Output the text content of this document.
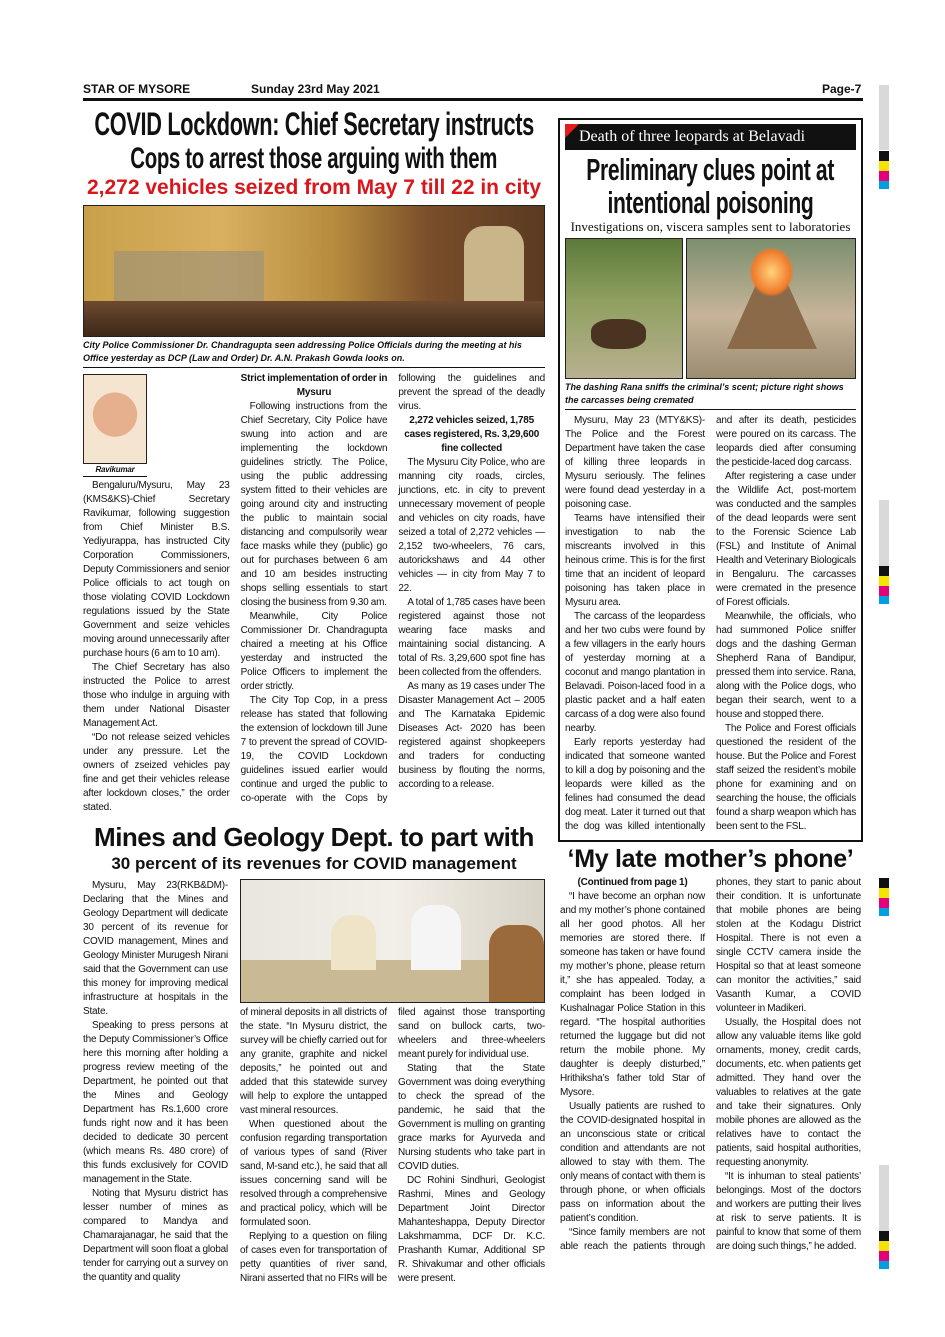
STAR OF MYSORE	Sunday 23rd May 2021	Page-7
COVID Lockdown: Chief Secretary instructs
Cops to arrest those arguing with them
2,272 vehicles seized from May 7 till 22 in city
City Police Commissioner Dr. Chandragupta seen addressing Police Officials during the meeting at his Office yesterday as DCP (Law and Order) Dr. A.N. Prakash Gowda looks on.
Ravikumar

Bengaluru/Mysuru, May 23 (KMS&KS)-Chief Secretary Ravikumar, following suggestion from Chief Minister B.S. Yediyurappa, has instructed City Corporation Commissioners, Deputy Commissioners and senior Police officials to act tough on those violating COVID Lockdown regulations issued by the State Government and seize vehicles moving around unnecessarily after purchase hours (6 am to 10 am).

The Chief Secretary has also instructed the Police to arrest those who indulge in arguing with them under National Disaster Management Act.

“Do not release seized vehicles under any pressure. Let the owners of zseized vehicles pay fine and get their vehicles release after lockdown closes,” the order stated.

Strict implementation of order in Mysuru

Following instructions from the Chief Secretary, City Police have swung into action and are implementing the lockdown guidelines strictly. The Police, using the public addressing system fitted to their vehicles are going around city and instructing the public to maintain social distancing and compulsorily wear face masks while they (public) go out for purchases between 6 am and 10 am besides instructing shops selling essentials to start closing the business from 9.30 am.

Meanwhile, City Police Commissioner Dr. Chandragupta chaired a meeting at his Office yesterday and instructed the Police Officers to implement the order strictly.

The City Top Cop, in a press release has stated that following the extension of lockdown till June 7 to prevent the spread of COVID-19, the COVID Lockdown guidelines issued earlier would continue and urged the public to co-operate with the Cops by following the guidelines and prevent the spread of the deadly virus.

2,272 vehicles seized, 1,785 cases registered, Rs. 3,29,600 fine collected

The Mysuru City Police, who are manning city roads, circles, junctions, etc. in city to prevent unnecessary movement of people and vehicles on city roads, have seized a total of 2,272 vehicles — 2,152 two-wheelers, 76 cars, autorickshaws and 44 other vehicles — in city from May 7 to 22.

A total of 1,785 cases have been registered against those not wearing face masks and maintaining social distancing. A total of Rs. 3,29,600 spot fine has been collected from the offenders.

As many as 19 cases under The Disaster Management Act – 2005 and The Karnataka Epidemic Diseases Act- 2020 has been registered against shopkeepers and traders for conducting business by flouting the norms, according to a release.

Mines and Geology Dept. to part with
30 percent of its revenues for COVID management

Mysuru, May 23(RKB&DM)-Declaring that the Mines and Geology Department will dedicate 30 percent of its revenue for COVID management, Mines and Geology Minister Murugesh Nirani said that the Government can use this money for improving medical infrastructure at hospitals in the State.

Speaking to press persons at the Deputy Commissioner’s Office here this morning after holding a progress review meeting of the Department, he pointed out that the Mines and Geology Department has Rs.1,600 crore funds right now and it has been decided to dedicate 30 percent (which means Rs. 480 crore) of this funds exclusively for COVID management in the State.

Noting that Mysuru district has lesser number of mines as compared to Mandya and Chamarajanagar, he said that the Department will soon float a global tender for carrying out a survey on the quantity and quality

of mineral deposits in all districts of the state. “In Mysuru district, the survey will be chiefly carried out for any granite, graphite and nickel deposits,” he pointed out and added that this statewide survey will help to explore the untapped vast mineral resources.

When questioned about the confusion regarding transportation of various types of sand (River sand, M-sand etc.), he said that all issues concerning sand will be resolved through a comprehensive and practical policy, which will be formulated soon.

Replying to a question on filing of cases even for transportation of petty quantities of river sand, Nirani asserted that no FIRs will be filed against those transporting sand on bullock carts, two-wheelers and three-wheelers meant purely for individual use.

Stating that the State Government was doing everything to check the spread of the pandemic, he said that the Government is mulling on granting grace marks for Ayurveda and Nursing students who take part in COVID duties.

DC Rohini Sindhuri, Geologist Rashmi, Mines and Geology Department Joint Director Mahanteshappa, Deputy Director Lakshmamma, DCF Dr. K.C. Prashanth Kumar, Additional SP R. Shivakumar and other officials were present.

Death of three leopards at Belavadi
Preliminary clues point at
intentional poisoning
Investigations on, viscera samples sent to laboratories
The dashing Rana sniffs the criminal’s scent; picture right shows the carcasses being cremated

Mysuru, May 23 (MTY&KS)-The Police and the Forest Department have taken the case of killing three leopards in Mysuru seriously. The felines were found dead yesterday in a poisoning case.

Teams have intensified their investigation to nab the miscreants involved in this heinous crime. This is for the first time that an incident of leopard poisoning has taken place in Mysuru area.

The carcass of the leopardess and her two cubs were found by a few villagers in the early hours of yesterday morning at a coconut and mango plantation in Belavadi. Poison-laced food in a plastic packet and a half eaten carcass of a dog were also found nearby.

Early reports yesterday had indicated that someone wanted to kill a dog by poisoning and the leopards were killed as the felines had consumed the dead dog meat. Later it turned out that the dog was killed intentionally and after its death, pesticides were poured on its carcass. The leopards died after consuming the pesticide-laced dog carcass.

After registering a case under the Wildlife Act, post-mortem was conducted and the samples of the dead leopards were sent to the Forensic Science Lab (FSL) and Institute of Animal Health and Veterinary Biologicals in Bengaluru. The carcasses were cremated in the presence of Forest officials.

Meanwhile, the officials, who had summoned Police sniffer dogs and the dashing German Shepherd Rana of Bandipur, pressed them into service. Rana, along with the Police dogs, who began their search, went to a house and stopped there.

The Police and Forest officials questioned the resident of the house. But the Police and Forest staff seized the resident’s mobile phone for examining and on searching the house, the officials found a sharp weapon which has been sent to the FSL.

‘My late mother’s phone’

(Continued from page 1)

“I have become an orphan now and my mother’s phone contained all her good photos. All her memories are stored there. If someone has taken or have found my mother’s phone, please return it,” she has appealed. Today, a complaint has been lodged in Kushalnagar Police Station in this regard. “The hospital authorities returned the luggage but did not return the mobile phone. My daughter is deeply disturbed,” Hrithiksha’s father told Star of Mysore.

Usually patients are rushed to the COVID-designated hospital in an unconscious state or critical condition and attendants are not allowed to stay with them. The only means of contact with them is through phone, or when officials pass on information about the patient’s condition.

“Since family members are not able reach the patients through phones, they start to panic about their condition. It is unfortunate that mobile phones are being stolen at the Kodagu District Hospital. There is not even a single CCTV camera inside the Hospital so that at least someone can monitor the activities,” said Vasanth Kumar, a COVID volunteer in Madikeri.

Usually, the Hospital does not allow any valuable items like gold ornaments, money, credit cards, documents, etc. when patients get admitted. They hand over the valuables to relatives at the gate and take their signatures. Only mobile phones are allowed as the relatives have to contact the patients, said hospital authorities, requesting anonymity.

“It is inhuman to steal patients’ belongings. Most of the doctors and workers are putting their lives at risk to serve patients. It is painful to know that some of them are doing such things,” he added.
